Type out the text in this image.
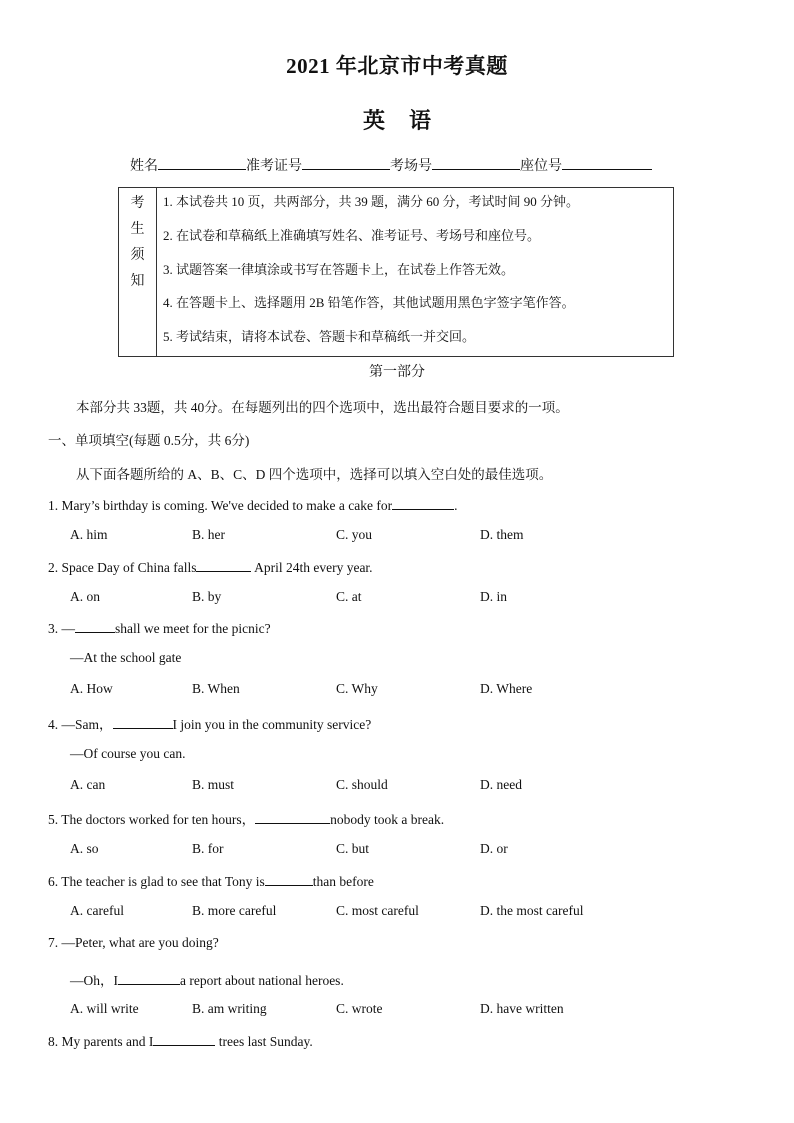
2021 年北京市中考真题
英语
姓名	准考证号	考场号	座位号
考
生
须
知
1. 本试卷共 10 页，共两部分，共 39 题，满分 60 分，考试时间 90 分钟。
2. 在试卷和草稿纸上准确填写姓名、准考证号、考场号和座位号。
3. 试题答案一律填涂或书写在答题卡上，在试卷上作答无效。
4. 在答题卡上、选择题用 2B 铅笔作答，其他试题用黑色字签字笔作答。
5. 考试结束，请将本试卷、答题卡和草稿纸一并交回。
第一部分
本部分共 33题，共 40分。在每题列出的四个选项中，选出最符合题目要求的一项。
一、单项填空(每题 0.5分，共 6分)
从下面各题所给的 A、B、C、D 四个选项中，选择可以填入空白处的最佳选项。
1. Mary’s birthday is coming. We've decided to make a cake for	.
A. him	B. her	C. you	D. them
2. Space Day of China falls	April 24th every year.
A. on	B. by	C. at	D. in
3. —	shall we meet for the picnic?
—At the school gate
A. How	B. When	C. Why	D. Where
4. —Sam，	I join you in the community service?
—Of course you can.
A. can	B. must	C. should	D. need
5. The doctors worked for ten hours，	nobody took a break.
A. so	B. for	C. but	D. or
6. The teacher is glad to see that Tony is	than before
A. careful	B. more careful	C. most careful	D. the most careful
7. —Peter, what are you doing?
—Oh，I	a report about national heroes.
A. will write	B. am writing	C. wrote	D. have written
8. My parents and I	trees last Sunday.
